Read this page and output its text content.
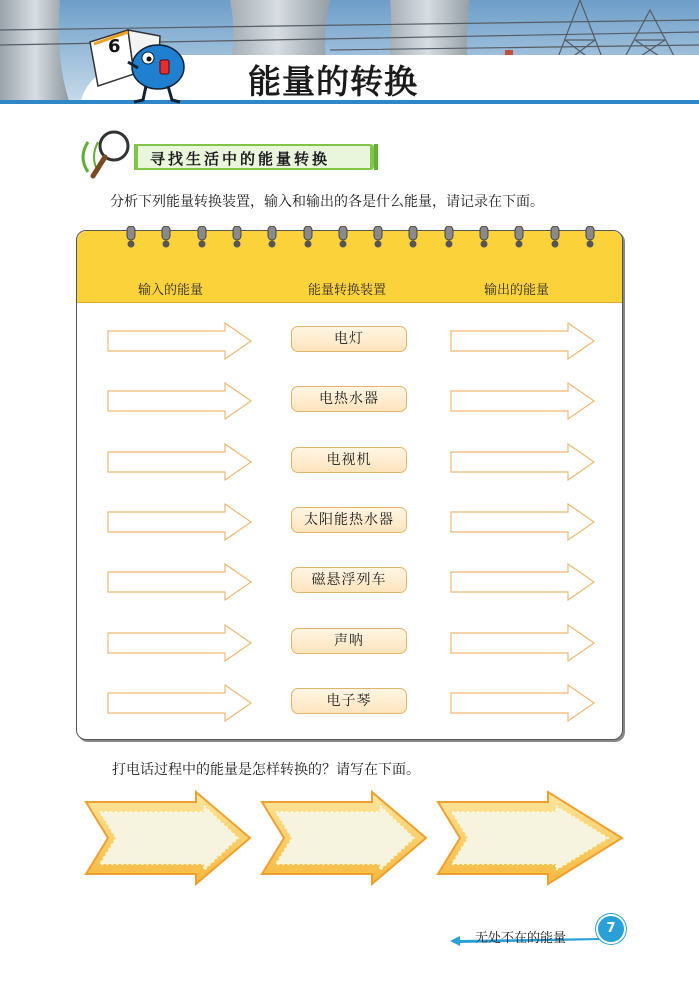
6
能量的转换
寻找生活中的能量转换
分析下列能量转换装置，输入和输出的各是什么能量，请记录在下面。
输入的能量	能量转换装置	输出的能量
电灯
电热水器
电视机
太阳能热水器
磁悬浮列车
声呐
电子琴
打电话过程中的能量是怎样转换的？请写在下面。
无处不在的能量
7
